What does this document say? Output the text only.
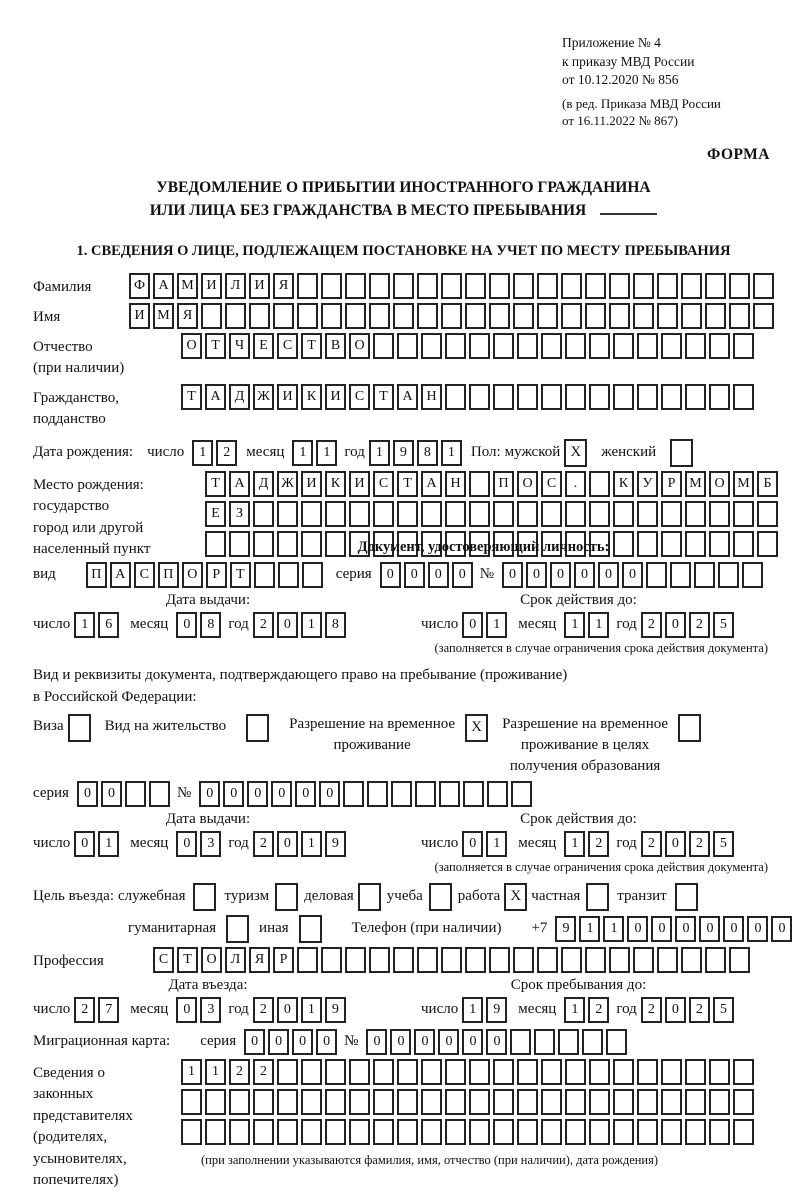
Приложение № 4
к приказу МВД России
от 10.12.2020 № 856
(в ред. Приказа МВД России
от 16.11.2022 № 867)
ФОРМА
УВЕДОМЛЕНИЕ О ПРИБЫТИИ ИНОСТРАННОГО ГРАЖДАНИНА
ИЛИ ЛИЦА БЕЗ ГРАЖДАНСТВА В МЕСТО ПРЕБЫВАНИЯ
1. СВЕДЕНИЯ О ЛИЦЕ, ПОДЛЕЖАЩЕМ ПОСТАНОВКЕ НА УЧЕТ ПО МЕСТУ ПРЕБЫВАНИЯ
Фамилия	Ф А М И	Л	И	Я
Имя	И М Я
Отчество
(при наличии)
О	Т	Ч	Е	С	Т	В	О
Гражданство,
подданство
Т	А	Д Ж И	К	И	С	Т	А Н
Дата рождения: число	1	2	месяц	1	1 год 1	9	8	1	Пол: мужской X	женский
Место рождения:
государство
город или другой
населенный пункт
Т	А	Д Ж И	К	И	С	Т	А Н	П О	С	.	К	У	Р М О М Б
Е	З
Документ, удостоверяющий личность:
вид	П А	С	П О	Р	Т	серия	0	0	0	0 №	0	0	0	0	0	0
Дата выдачи:	Срок действия до:
число 1	6	месяц	0	8 год 2	0	1	8	число 0	1	месяц	1	1 год 2	0	2	5
(заполняется в случае ограничения срока действия документа)
Вид и реквизиты документа, подтверждающего право на пребывание (проживание)
в Российской Федерации:
Виза	Вид на жительство	Разрешение на временное
проживание
X	Разрешение на временное
проживание в целях
получения образования
серия	0	0	№	0	0	0	0	0	0
Дата выдачи:	Срок действия до:
число 0	1	месяц	0	3 год 2	0	1	9	число 0	1	месяц	1	2 год 2	0	2	5
(заполняется в случае ограничения срока действия документа)
Цель въезда: служебная	туризм деловая учеба работа X частная транзит
гуманитарная	иная	Телефон (при наличии) +7	9	1	1	0	0	0	0	0	0	0
Профессия	С	Т	О	Л	Я	Р
Дата въезда:	Срок пребывания до:
число 2	7	месяц	0	3 год 2	0	1	9	число 1	9	месяц	1	2 год 2	0	2	5
Миграционная карта: серия	0	0	0	0 №	0	0	0	0	0	0
Сведения о
законных
представителях
(родителях,
усыновителях,
попечителях)
1	1	2	2
(при заполнении указываются фамилия, имя, отчество (при наличии), дата рождения)
